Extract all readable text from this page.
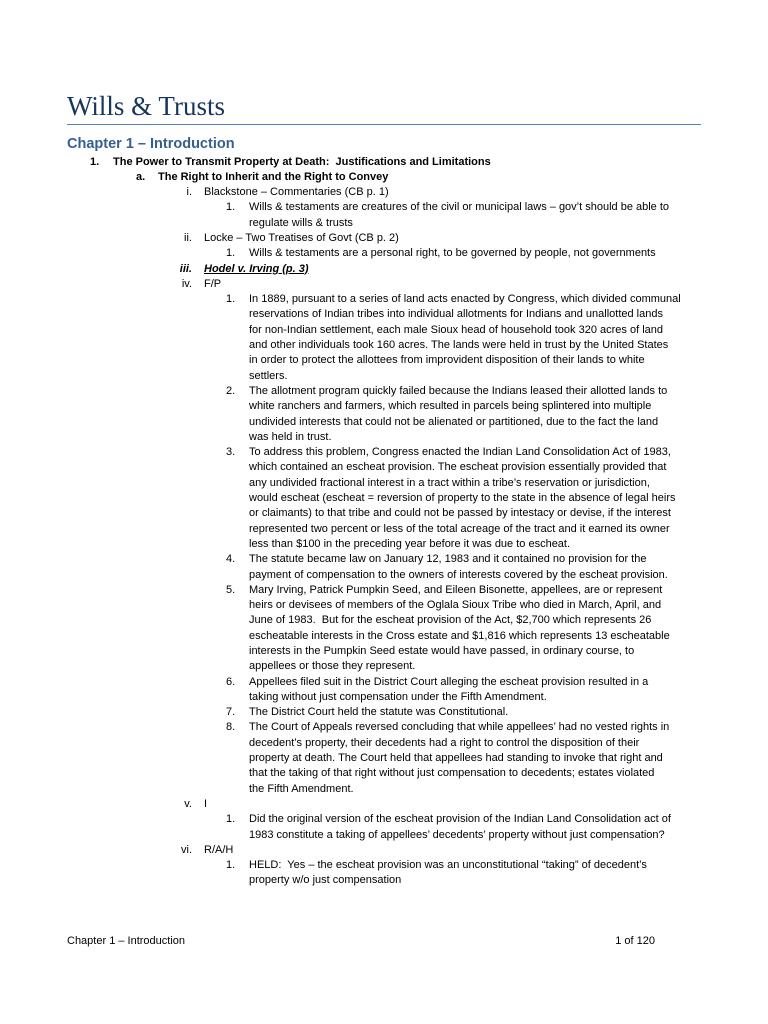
Wills & Trusts
Chapter 1 – Introduction
1. The Power to Transmit Property at Death:  Justifications and Limitations
a. The Right to Inherit and the Right to Convey
i. Blackstone – Commentaries (CB p. 1)
1. Wills & testaments are creatures of the civil or municipal laws – gov’t should be able to
regulate wills & trusts
ii. Locke – Two Treatises of Govt (CB p. 2)
1. Wills & testaments are a personal right, to be governed by people, not governments
iii. Hodel v. Irving (p. 3)
iv. F/P
1. In 1889, pursuant to a series of land acts enacted by Congress, which divided communal
reservations of Indian tribes into individual allotments for Indians and unallotted lands
for non-Indian settlement, each male Sioux head of household took 320 acres of land
and other individuals took 160 acres. The lands were held in trust by the United States
in order to protect the allottees from improvident disposition of their lands to white
settlers.
2. The allotment program quickly failed because the Indians leased their allotted lands to
white ranchers and farmers, which resulted in parcels being splintered into multiple
undivided interests that could not be alienated or partitioned, due to the fact the land
was held in trust.
3. To address this problem, Congress enacted the Indian Land Consolidation Act of 1983,
which contained an escheat provision. The escheat provision essentially provided that
any undivided fractional interest in a tract within a tribe’s reservation or jurisdiction,
would escheat (escheat = reversion of property to the state in the absence of legal heirs
or claimants) to that tribe and could not be passed by intestacy or devise, if the interest
represented two percent or less of the total acreage of the tract and it earned its owner
less than $100 in the preceding year before it was due to escheat.
4. The statute became law on January 12, 1983 and it contained no provision for the
payment of compensation to the owners of interests covered by the escheat provision.
5. Mary Irving, Patrick Pumpkin Seed, and Eileen Bisonette, appellees, are or represent
heirs or devisees of members of the Oglala Sioux Tribe who died in March, April, and
June of 1983.  But for the escheat provision of the Act, $2,700 which represents 26
escheatable interests in the Cross estate and $1,816 which represents 13 escheatable
interests in the Pumpkin Seed estate would have passed, in ordinary course, to
appellees or those they represent.
6. Appellees filed suit in the District Court alleging the escheat provision resulted in a
taking without just compensation under the Fifth Amendment.
7. The District Court held the statute was Constitutional.
8. The Court of Appeals reversed concluding that while appellees’ had no vested rights in
decedent’s property, their decedents had a right to control the disposition of their
property at death. The Court held that appellees had standing to invoke that right and
that the taking of that right without just compensation to decedents; estates violated
the Fifth Amendment.
v. I
1. Did the original version of the escheat provision of the Indian Land Consolidation act of
1983 constitute a taking of appellees’ decedents’ property without just compensation?
vi. R/A/H
1. HELD:  Yes – the escheat provision was an unconstitutional “taking” of decedent’s
property w/o just compensation
Chapter 1 – Introduction	1 of 120
